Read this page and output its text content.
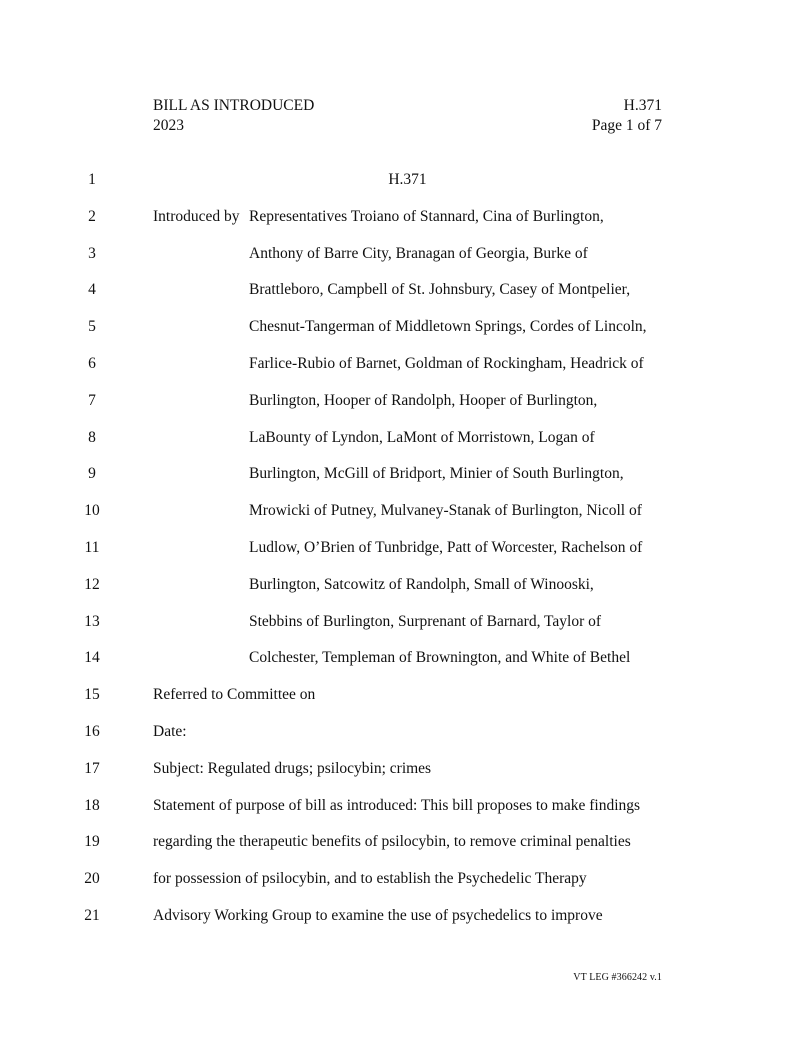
BILL AS INTRODUCED	H.371
2023	Page 1 of 7
1	H.371
2	Introduced by Representatives Troiano of Stannard, Cina of Burlington,
3	Anthony of Barre City, Branagan of Georgia, Burke of
4	Brattleboro, Campbell of St. Johnsbury, Casey of Montpelier,
5	Chesnut-Tangerman of Middletown Springs, Cordes of Lincoln,
6	Farlice-Rubio of Barnet, Goldman of Rockingham, Headrick of
7	Burlington, Hooper of Randolph, Hooper of Burlington,
8	LaBounty of Lyndon, LaMont of Morristown, Logan of
9	Burlington, McGill of Bridport, Minier of South Burlington,
10	Mrowicki of Putney, Mulvaney-Stanak of Burlington, Nicoll of
11	Ludlow, O’Brien of Tunbridge, Patt of Worcester, Rachelson of
12	Burlington, Satcowitz of Randolph, Small of Winooski,
13	Stebbins of Burlington, Surprenant of Barnard, Taylor of
14	Colchester, Templeman of Brownington, and White of Bethel
15	Referred to Committee on
16	Date:
17	Subject: Regulated drugs; psilocybin; crimes
18	Statement of purpose of bill as introduced: This bill proposes to make findings
19	regarding the therapeutic benefits of psilocybin, to remove criminal penalties
20	for possession of psilocybin, and to establish the Psychedelic Therapy
21	Advisory Working Group to examine the use of psychedelics to improve
VT LEG #366242 v.1
